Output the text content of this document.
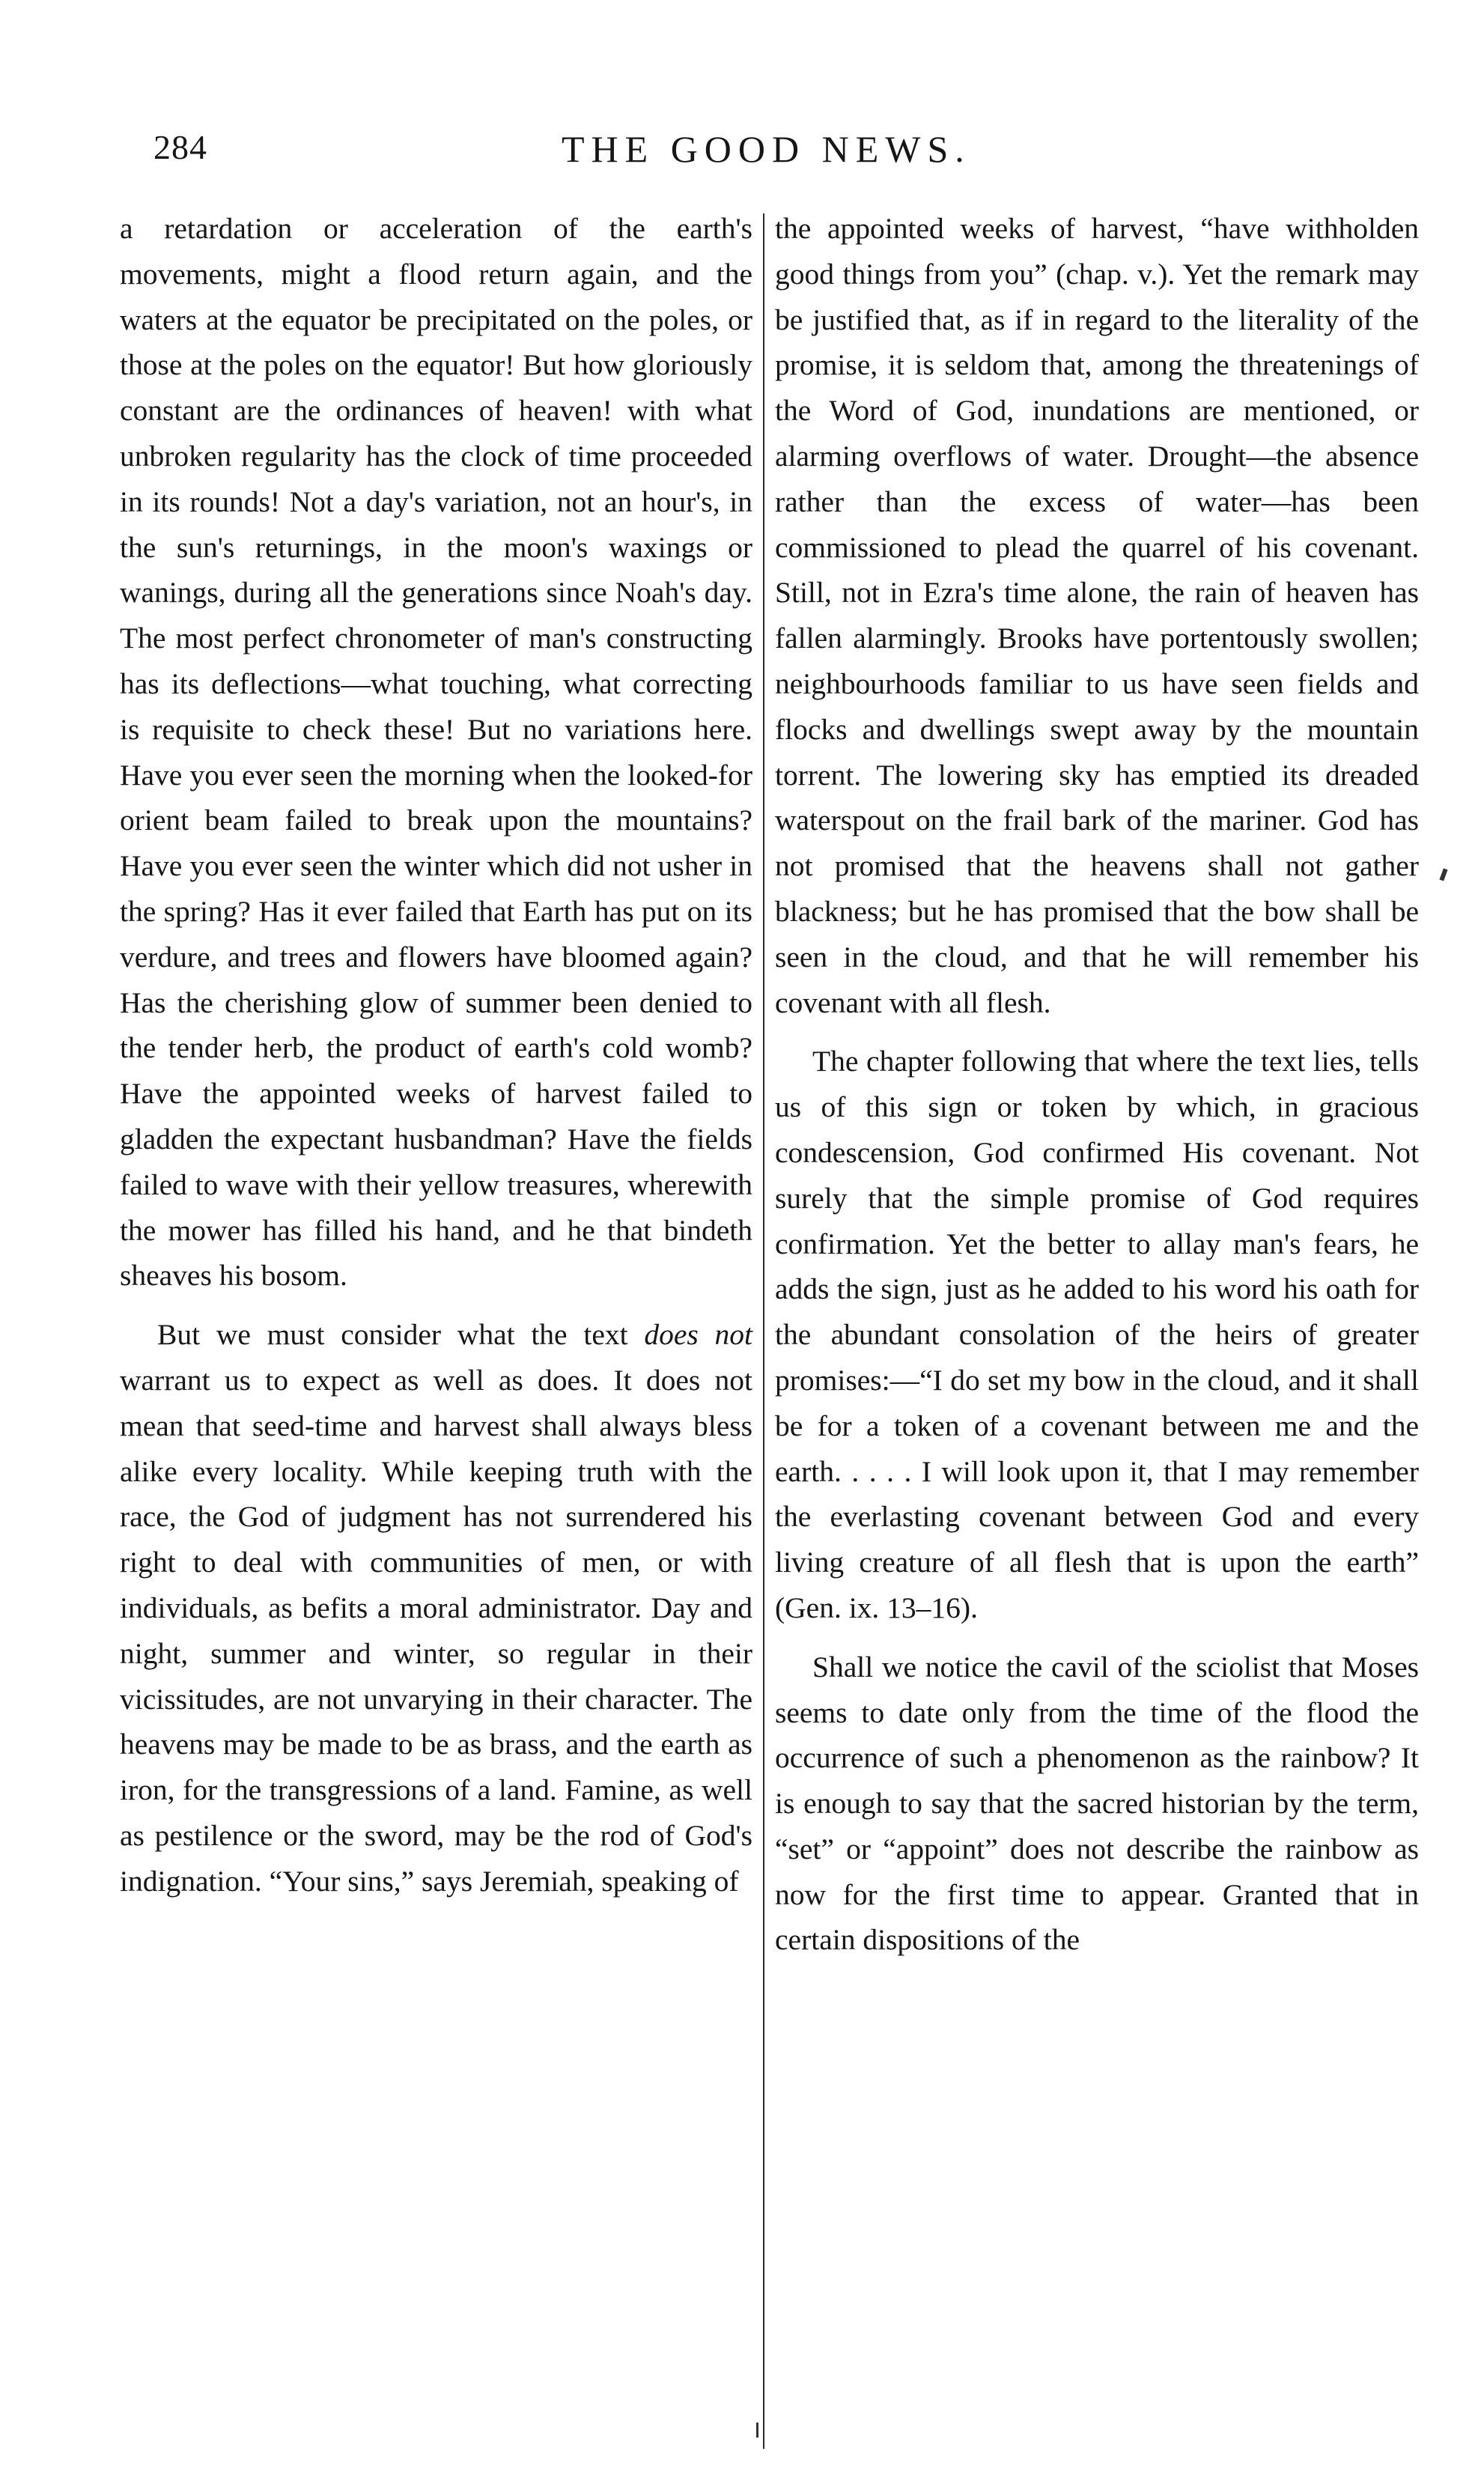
284	THE GOOD NEWS.

a retardation or acceleration of the earth's movements, might a flood return again, and the waters at the equator be precipitated on the poles, or those at the poles on the equator! But how gloriously constant are the ordinances of heaven! with what unbroken regularity has the clock of time proceeded in its rounds! Not a day's variation, not an hour's, in the sun's returnings, in the moon's waxings or wanings, during all the generations since Noah's day. The most perfect chronometer of man's constructing has its deflections—what touching, what correcting is requisite to check these! But no variations here. Have you ever seen the morning when the looked-for orient beam failed to break upon the mountains? Have you ever seen the winter which did not usher in the spring? Has it ever failed that Earth has put on its verdure, and trees and flowers have bloomed again? Has the cherishing glow of summer been denied to the tender herb, the product of earth's cold womb? Have the appointed weeks of harvest failed to gladden the expectant husbandman? Have the fields failed to wave with their yellow treasures, wherewith the mower has filled his hand, and he that bindeth sheaves his bosom.

But we must consider what the text does not warrant us to expect as well as does. It does not mean that seed-time and harvest shall always bless alike every locality. While keeping truth with the race, the God of judgment has not surrendered his right to deal with communities of men, or with individuals, as befits a moral administrator. Day and night, summer and winter, so regular in their vicissitudes, are not unvarying in their character. The heavens may be made to be as brass, and the earth as iron, for the transgressions of a land. Famine, as well as pestilence or the sword, may be the rod of God's indignation. “Your sins,” says Jeremiah, speaking of

the appointed weeks of harvest, “have withholden good things from you” (chap. v.). Yet the remark may be justified that, as if in regard to the literality of the promise, it is seldom that, among the threatenings of the Word of God, inundations are mentioned, or alarming overflows of water. Drought—the absence rather than the excess of water—has been commissioned to plead the quarrel of his covenant. Still, not in Ezra's time alone, the rain of heaven has fallen alarmingly. Brooks have portentously swollen; neighbourhoods familiar to us have seen fields and flocks and dwellings swept away by the mountain torrent. The lowering sky has emptied its dreaded waterspout on the frail bark of the mariner. God has not promised that the heavens shall not gather blackness; but he has promised that the bow shall be seen in the cloud, and that he will remember his covenant with all flesh.

The chapter following that where the text lies, tells us of this sign or token by which, in gracious condescension, God confirmed His covenant. Not surely that the simple promise of God requires confirmation. Yet the better to allay man's fears, he adds the sign, just as he added to his word his oath for the abundant consolation of the heirs of greater promises:—“I do set my bow in the cloud, and it shall be for a token of a covenant between me and the earth. . . . . I will look upon it, that I may remember the everlasting covenant between God and every living creature of all flesh that is upon the earth” (Gen. ix. 13–16).

Shall we notice the cavil of the sciolist that Moses seems to date only from the time of the flood the occurrence of such a phenomenon as the rainbow? It is enough to say that the sacred historian by the term, “set” or “appoint” does not describe the rainbow as now for the first time to appear. Granted that in certain dispositions of the
